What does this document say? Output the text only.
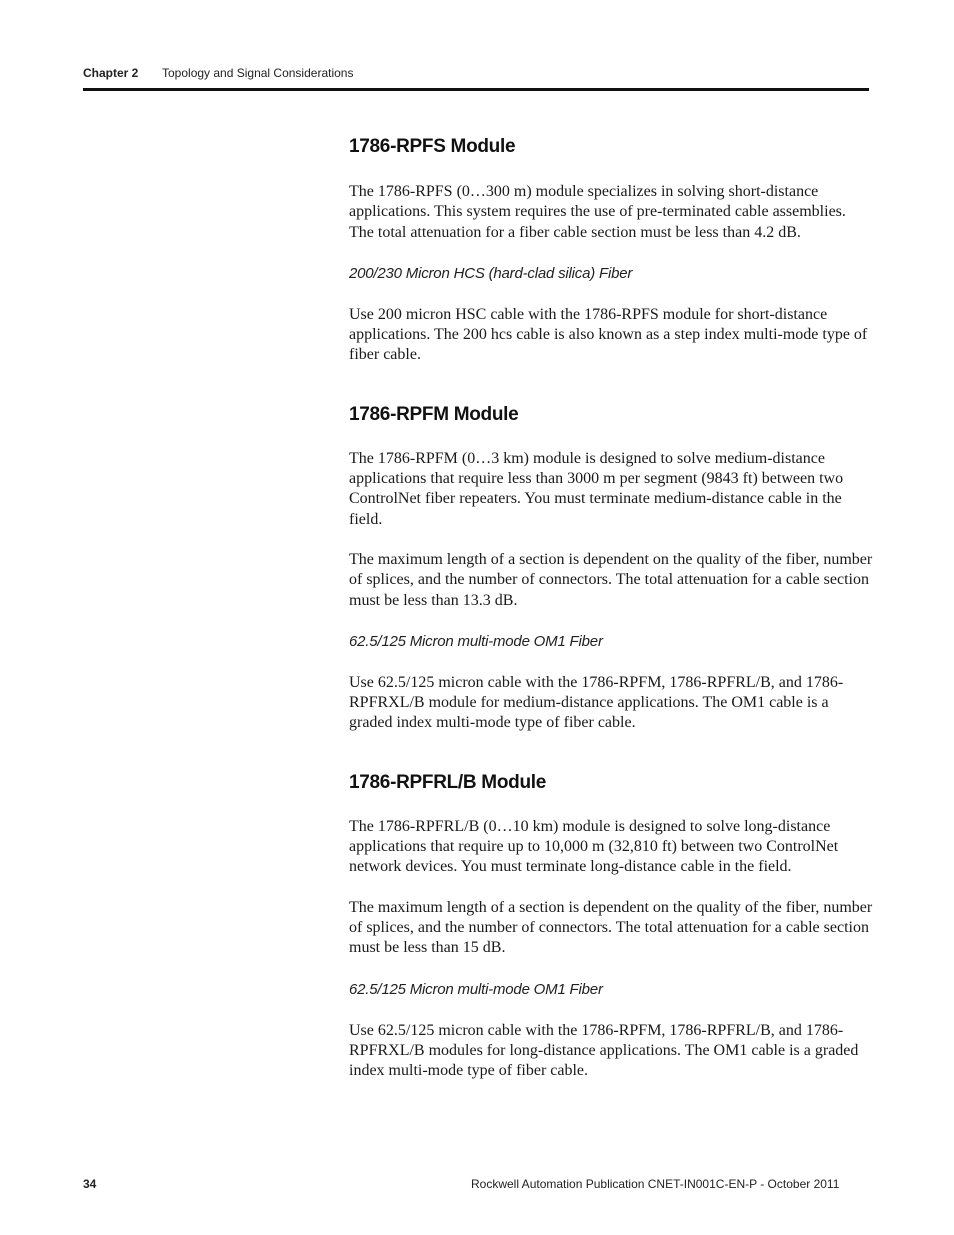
Chapter 2 Topology and Signal Considerations
1786-RPFS Module

The 1786-RPFS (0…300 m) module specializes in solving short-distance applications. This system requires the use of pre-terminated cable assemblies. The total attenuation for a fiber cable section must be less than 4.2 dB.

200/230 Micron HCS (hard-clad silica) Fiber

Use 200 micron HSC cable with the 1786-RPFS module for short-distance applications. The 200 hcs cable is also known as a step index multi-mode type of fiber cable.

1786-RPFM Module

The 1786-RPFM (0…3 km) module is designed to solve medium-distance applications that require less than 3000 m per segment (9843 ft) between two ControlNet fiber repeaters. You must terminate medium-distance cable in the field.

The maximum length of a section is dependent on the quality of the fiber, number of splices, and the number of connectors. The total attenuation for a cable section must be less than 13.3 dB.

62.5/125 Micron multi-mode OM1 Fiber

Use 62.5/125 micron cable with the 1786-RPFM, 1786-RPFRL/B, and 1786-RPFRXL/B module for medium-distance applications. The OM1 cable is a graded index multi-mode type of fiber cable.

1786-RPFRL/B Module

The 1786-RPFRL/B (0…10 km) module is designed to solve long-distance applications that require up to 10,000 m (32,810 ft) between two ControlNet network devices. You must terminate long-distance cable in the field.

The maximum length of a section is dependent on the quality of the fiber, number of splices, and the number of connectors. The total attenuation for a cable section must be less than 15 dB.

62.5/125 Micron multi-mode OM1 Fiber

Use 62.5/125 micron cable with the 1786-RPFM, 1786-RPFRL/B, and 1786-RPFRXL/B modules for long-distance applications. The OM1 cable is a graded index multi-mode type of fiber cable.

34	Rockwell Automation Publication CNET-IN001C-EN-P - October 2011
